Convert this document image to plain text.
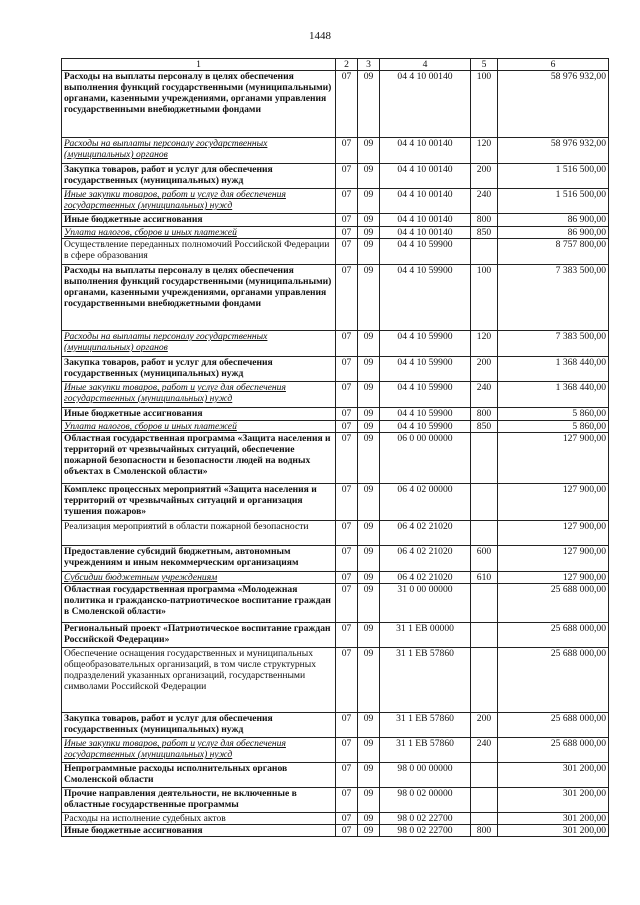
1448
1	2	3	4	5	6
Расходы на выплаты персоналу в целях обеспечения выполнения функций государственными (муниципальными) органами, казенными учреждениями, органами управления государственными внебюджетными фондами	07	09	04 4 10 00140	100	58 976 932,00
Расходы на выплаты персоналу государственных (муниципальных) органов	07	09	04 4 10 00140	120	58 976 932,00
Закупка товаров, работ и услуг для обеспечения государственных (муниципальных) нужд	07	09	04 4 10 00140	200	1 516 500,00
Иные закупки товаров, работ и услуг для обеспечения государственных (муниципальных) нужд	07	09	04 4 10 00140	240	1 516 500,00
Иные бюджетные ассигнования	07	09	04 4 10 00140	800	86 900,00
Уплата налогов, сборов и иных платежей	07	09	04 4 10 00140	850	86 900,00
Осуществление переданных полномочий Российской Федерации в сфере образования	07	09	04 4 10 59900		8 757 800,00
Расходы на выплаты персоналу в целях обеспечения выполнения функций государственными (муниципальными) органами, казенными учреждениями, органами управления государственными внебюджетными фондами	07	09	04 4 10 59900	100	7 383 500,00
Расходы на выплаты персоналу государственных (муниципальных) органов	07	09	04 4 10 59900	120	7 383 500,00
Закупка товаров, работ и услуг для обеспечения государственных (муниципальных) нужд	07	09	04 4 10 59900	200	1 368 440,00
Иные закупки товаров, работ и услуг для обеспечения государственных (муниципальных) нужд	07	09	04 4 10 59900	240	1 368 440,00
Иные бюджетные ассигнования	07	09	04 4 10 59900	800	5 860,00
Уплата налогов, сборов и иных платежей	07	09	04 4 10 59900	850	5 860,00
Областная государственная программа «Защита населения и территорий от чрезвычайных ситуаций, обеспечение пожарной безопасности и безопасности людей на водных объектах в Смоленской области»	07	09	06 0 00 00000		127 900,00
Комплекс процессных мероприятий «Защита населения и территорий от чрезвычайных ситуаций и организация тушения пожаров»	07	09	06 4 02 00000		127 900,00
Реализация мероприятий в области пожарной безопасности	07	09	06 4 02 21020		127 900,00
Предоставление субсидий бюджетным, автономным учреждениям и иным некоммерческим организациям	07	09	06 4 02 21020	600	127 900,00
Субсидии бюджетным учреждениям	07	09	06 4 02 21020	610	127 900,00
Областная государственная программа «Молодежная политика и гражданско-патриотическое воспитание граждан в Смоленской области»	07	09	31 0 00 00000		25 688 000,00
Региональный проект «Патриотическое воспитание граждан Российской Федерации»	07	09	31 1 EB 00000		25 688 000,00
Обеспечение оснащения государственных и муниципальных общеобразовательных организаций, в том числе структурных подразделений указанных организаций, государственными символами Российской Федерации	07	09	31 1 EB 57860		25 688 000,00
Закупка товаров, работ и услуг для обеспечения государственных (муниципальных) нужд	07	09	31 1 EB 57860	200	25 688 000,00
Иные закупки товаров, работ и услуг для обеспечения государственных (муниципальных) нужд	07	09	31 1 EB 57860	240	25 688 000,00
Непрограммные расходы исполнительных органов Смоленской области	07	09	98 0 00 00000		301 200,00
Прочие направления деятельности, не включенные в областные государственные программы	07	09	98 0 02 00000		301 200,00
Расходы на исполнение судебных актов	07	09	98 0 02 22700		301 200,00
Иные бюджетные ассигнования	07	09	98 0 02 22700	800	301 200,00
